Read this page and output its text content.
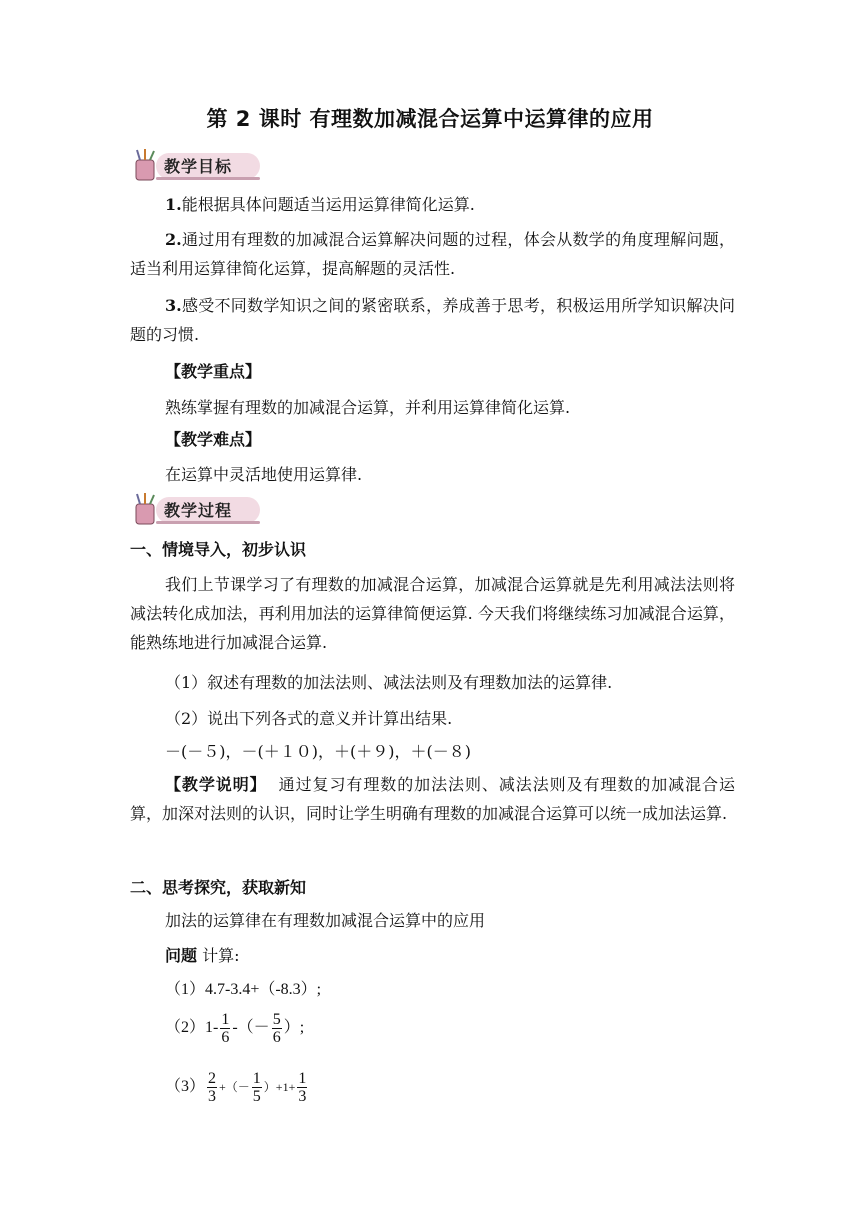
第 2 课时 有理数加减混合运算中运算律的应用
教学目标

1.能根据具体问题适当运用运算律简化运算.

2.通过用有理数的加减混合运算解决问题的过程，体会从数学的角度理解问题，适当利用运算律简化运算，提高解题的灵活性.

3.感受不同数学知识之间的紧密联系，养成善于思考，积极运用所学知识解决问题的习惯.

【教学重点】

熟练掌握有理数的加减混合运算，并利用运算律简化运算.

【教学难点】

在运算中灵活地使用运算律.

教学过程

一、情境导入，初步认识

我们上节课学习了有理数的加减混合运算，加减混合运算就是先利用减法法则将减法转化成加法，再利用加法的运算律简便运算. 今天我们将继续练习加减混合运算，能熟练地进行加减混合运算.

（1）叙述有理数的加法法则、减法法则及有理数加法的运算律.

（2）说出下列各式的意义并计算出结果.

－(－５)，－(＋１０)，＋(＋９)，＋(－８)

【教学说明】 通过复习有理数的加法法则、减法法则及有理数的加减混合运算，加深对法则的认识，同时让学生明确有理数的加减混合运算可以统一成加法运算.

二、思考探究，获取新知

加法的运算律在有理数加减混合运算中的应用

问题 计算:

（1）4.7-3.4+（-8.3）;

$(2)1- \frac{1}{6}$ -（－ $\frac{5}{6}$ ）;
$(3) \frac{2}{3}$ +（－ $\frac{1}{5} )+1+ \frac{1}{3}$
